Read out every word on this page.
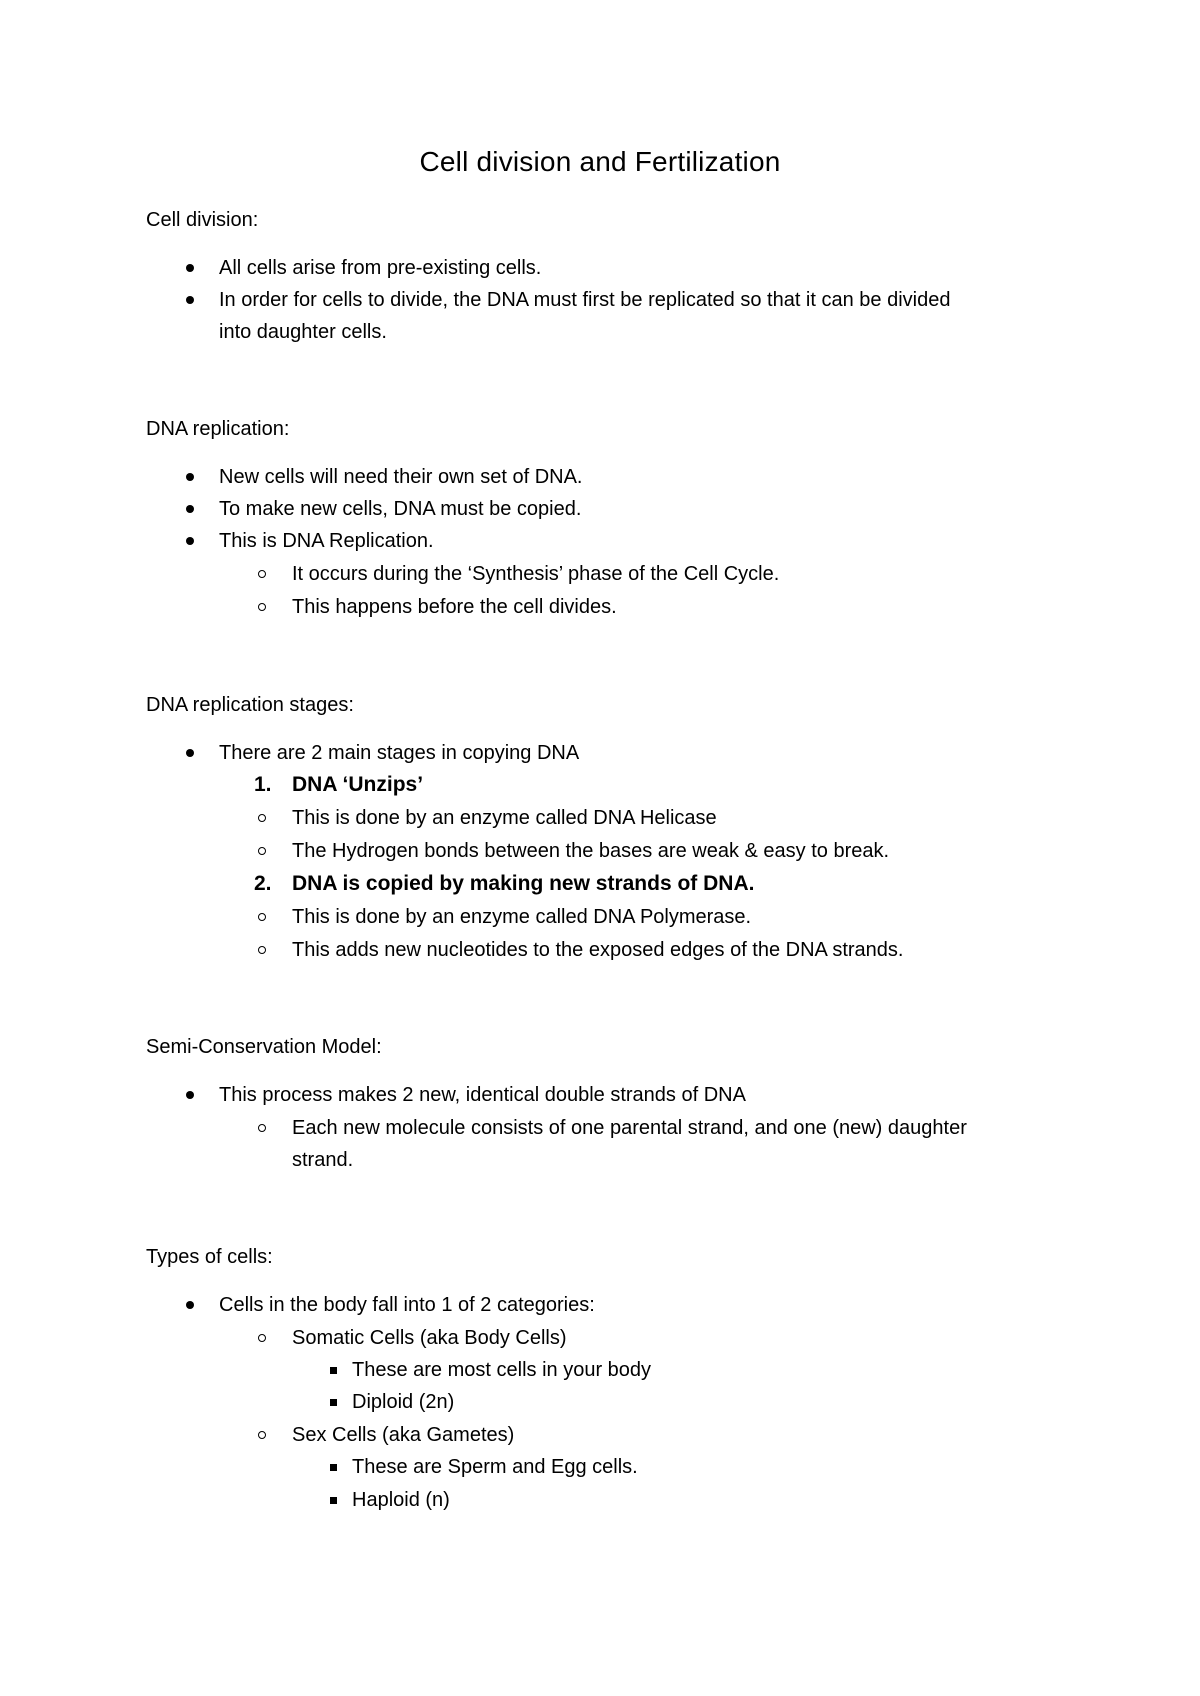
Cell division and Fertilization
Cell division:
All cells arise from pre-existing cells.
In order for cells to divide, the DNA must first be replicated so that it can be divided
into daughter cells.
DNA replication:
New cells will need their own set of DNA.
To make new cells, DNA must be copied.
This is DNA Replication.
It occurs during the ‘Synthesis’ phase of the Cell Cycle.
This happens before the cell divides.
DNA replication stages:
There are 2 main stages in copying DNA
1. DNA ‘Unzips’
This is done by an enzyme called DNA Helicase
The Hydrogen bonds between the bases are weak & easy to break.
2. DNA is copied by making new strands of DNA.
This is done by an enzyme called DNA Polymerase.
This adds new nucleotides to the exposed edges of the DNA strands.
Semi-Conservation Model:
This process makes 2 new, identical double strands of DNA
Each new molecule consists of one parental strand, and one (new) daughter
strand.
Types of cells:
Cells in the body fall into 1 of 2 categories:
Somatic Cells (aka Body Cells)
These are most cells in your body
Diploid (2n)
Sex Cells (aka Gametes)
These are Sperm and Egg cells.
Haploid (n)
